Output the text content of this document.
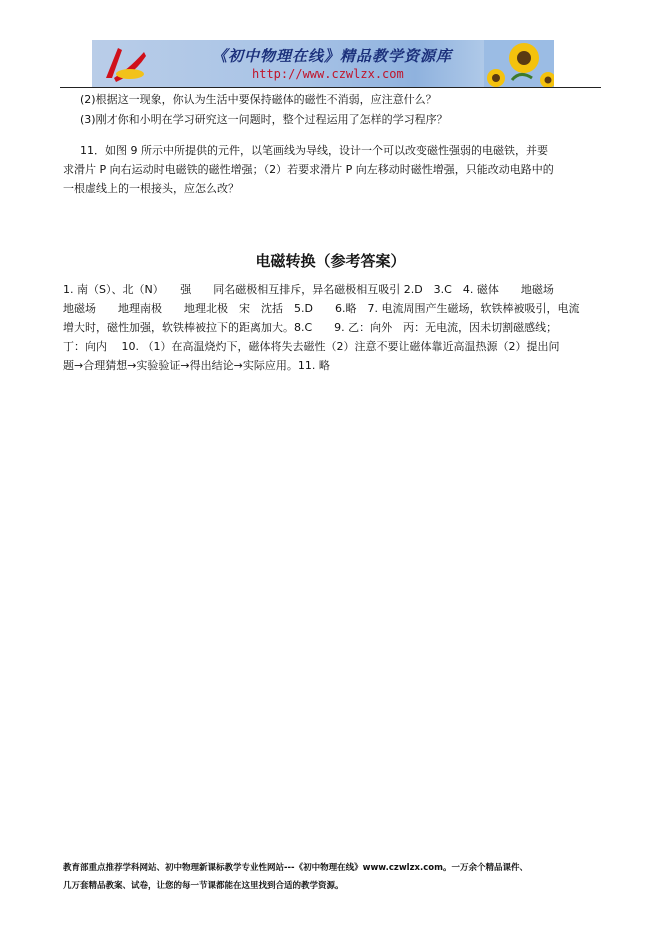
《初中物理在线》精品教学资源库
http://www.czwlzx.com
(2)根据这一现象，你认为生活中要保持磁体的磁性不消弱，应注意什么？
(3)刚才你和小明在学习研究这一问题时，整个过程运用了怎样的学习程序？
11．如图 9 所示中所提供的元件，以笔画线为导线，设计一个可以改变磁性强弱的电磁铁，并要
求滑片 P 向右运动时电磁铁的磁性增强；（2）若要求滑片 P 向左移动时磁性增强，只能改动电路中的
一根虚线上的一根接头，应怎么改？
电磁转换（参考答案）
1. 南（S）、北（N）　　强　　同名磁极相互排斥，异名磁极相互吸引 2.D　3.C　4. 磁体　　地磁场
地磁场　　地理南极　　地理北极　宋　沈括　5.D　　6.略　7. 电流周围产生磁场，软铁棒被吸引，电流
增大时，磁性加强，软铁棒被拉下的距离加大。8.C　　9. 乙：向外　丙：无电流，因未切割磁感线；
丁：向内　 10. （1）在高温烧灼下，磁体将失去磁性（2）注意不要让磁体靠近高温热源（2）提出问
题→合理猜想→实验验证→得出结论→实际应用。11. 略
教育部重点推荐学科网站、初中物理新课标教学专业性网站---《初中物理在线》www.czwlzx.com。一万余个精品课件、
几万套精品教案、试卷，让您的每一节课都能在这里找到合适的教学资源。
